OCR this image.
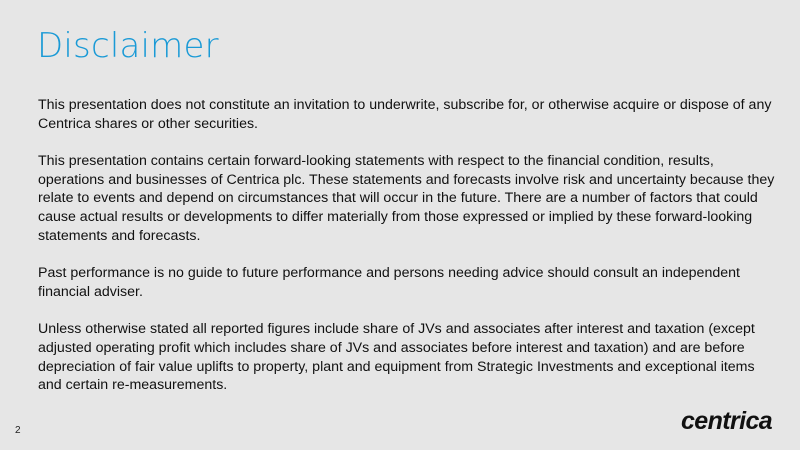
Disclaimer

This presentation does not constitute an invitation to underwrite, subscribe for, or otherwise acquire or dispose of any Centrica shares or other securities.

This presentation contains certain forward-looking statements with respect to the financial condition, results, operations and businesses of Centrica plc. These statements and forecasts involve risk and uncertainty because they relate to events and depend on circumstances that will occur in the future. There are a number of factors that could cause actual results or developments to differ materially from those expressed or implied by these forward-looking statements and forecasts.

Past performance is no guide to future performance and persons needing advice should consult an independent financial adviser.

Unless otherwise stated all reported figures include share of JVs and associates after interest and taxation (except adjusted operating profit which includes share of JVs and associates before interest and taxation) and are before depreciation of fair value uplifts to property, plant and equipment from Strategic Investments and exceptional items and certain re-measurements.

2	centrica
